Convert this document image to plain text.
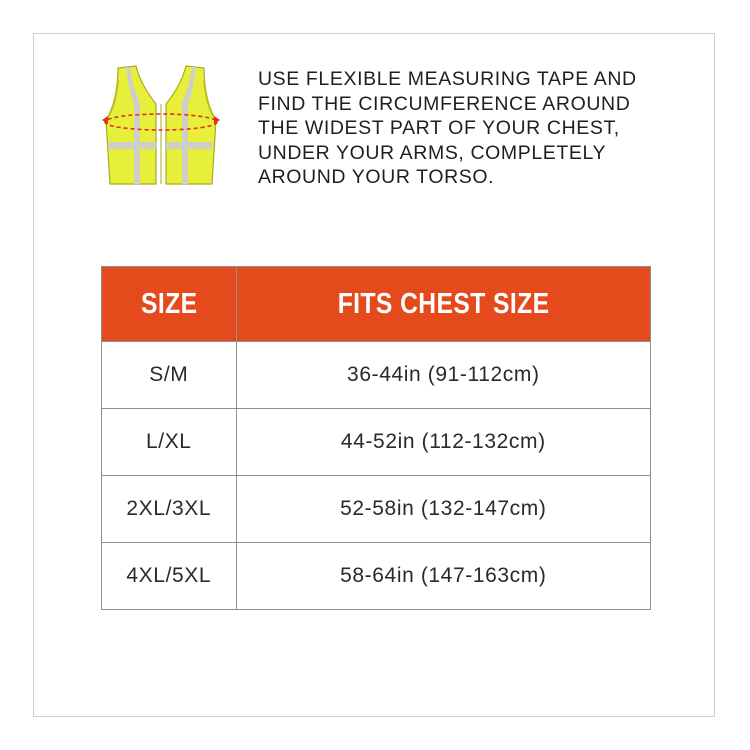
USE FLEXIBLE MEASURING TAPE AND
FIND THE CIRCUMFERENCE AROUND
THE WIDEST PART OF YOUR CHEST,
UNDER YOUR ARMS, COMPLETELY
AROUND YOUR TORSO.

SIZE	FITS CHEST SIZE
S/M	36-44in (91-112cm)
L/XL	44-52in (112-132cm)
2XL/3XL	52-58in (132-147cm)
4XL/5XL	58-64in (147-163cm)
